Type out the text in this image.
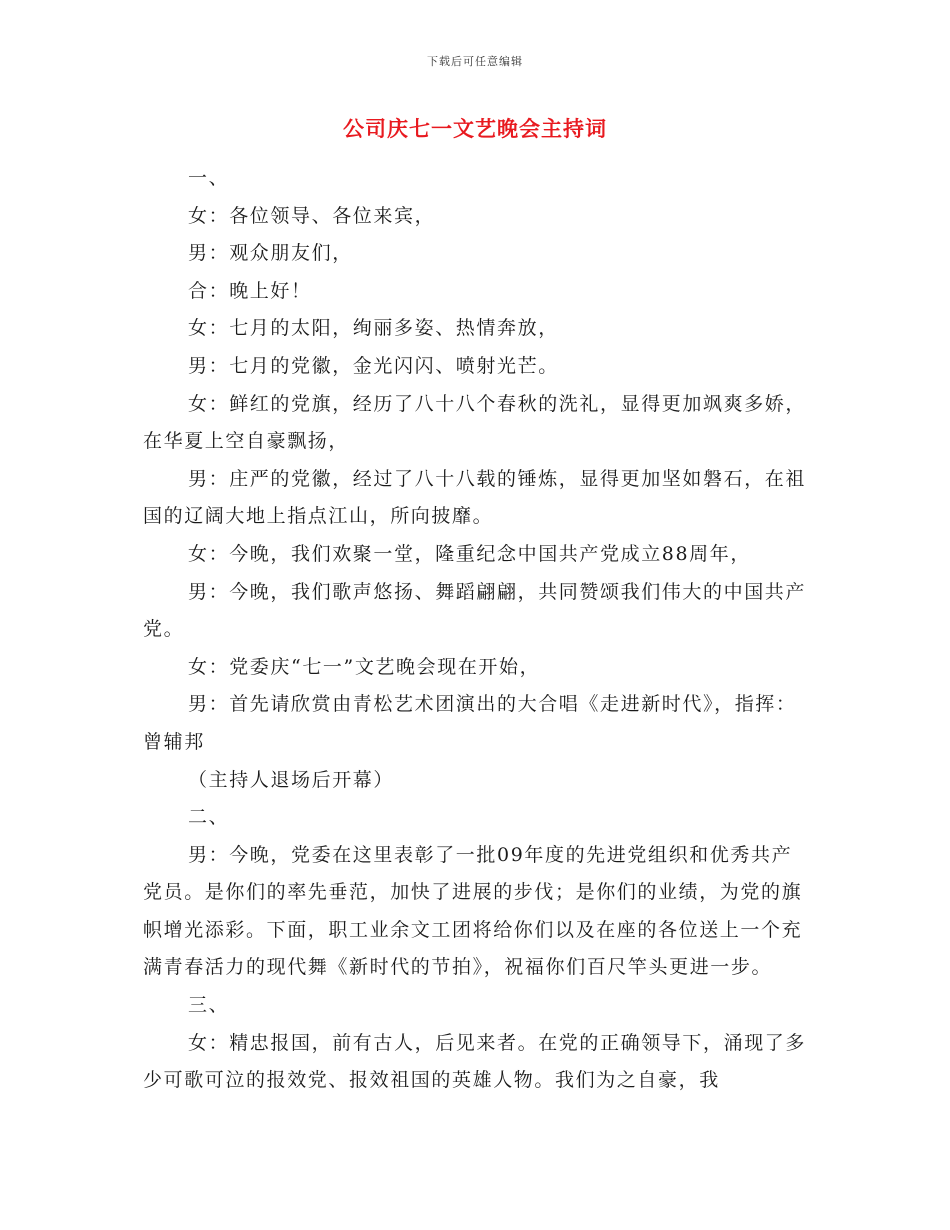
下载后可任意编辑
公司庆七一文艺晚会主持词

一、

女：各位领导、各位来宾，

男：观众朋友们，

合：晚上好！

女：七月的太阳，绚丽多姿、热情奔放，

男：七月的党徽，金光闪闪、喷射光芒。

女：鲜红的党旗，经历了八十八个春秋的洗礼，显得更加飒爽多娇，在华夏上空自豪飘扬，

男：庄严的党徽，经过了八十八载的锤炼，显得更加坚如磐石，在祖国的辽阔大地上指点江山，所向披靡。

女：今晚，我们欢聚一堂，隆重纪念中国共产党成立88周年，

男：今晚，我们歌声悠扬、舞蹈翩翩，共同赞颂我们伟大的中国共产党。

女：党委庆“七一”文艺晚会现在开始，

男：首先请欣赏由青松艺术团演出的大合唱《走进新时代》，指挥：曾辅邦

（主持人退场后开幕）

二、

男：今晚，党委在这里表彰了一批09年度的先进党组织和优秀共产党员。是你们的率先垂范，加快了进展的步伐；是你们的业绩，为党的旗帜增光添彩。下面，职工业余文工团将给你们以及在座的各位送上一个充满青春活力的现代舞《新时代的节拍》，祝福你们百尺竿头更进一步。

三、

女：精忠报国，前有古人，后见来者。在党的正确领导下，涌现了多少可歌可泣的报效党、报效祖国的英雄人物。我们为之自豪，我
